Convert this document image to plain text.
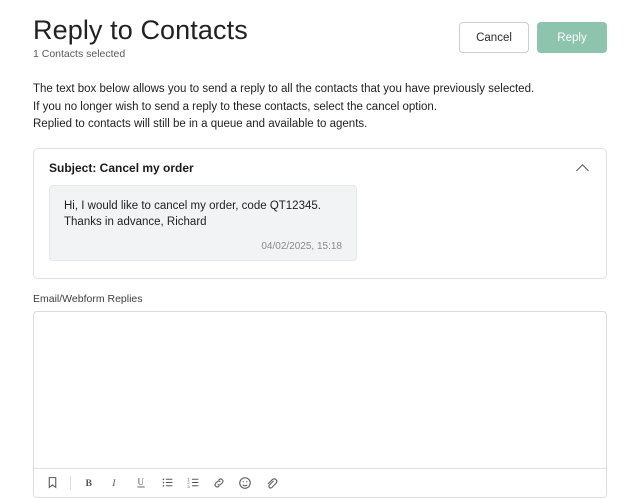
Reply to Contacts
1 Contacts selected
Cancel	Reply
The text box below allows you to send a reply to all the contacts that you have previously selected.
If you no longer wish to send a reply to these contacts, select the cancel option.
Replied to contacts will still be in a queue and available to agents.
Subject: Cancel my order
Hi, I would like to cancel my order, code QT12345.
Thanks in advance, Richard
04/02/2025, 15:18
Email/Webform Replies
B I U	1
2
3
